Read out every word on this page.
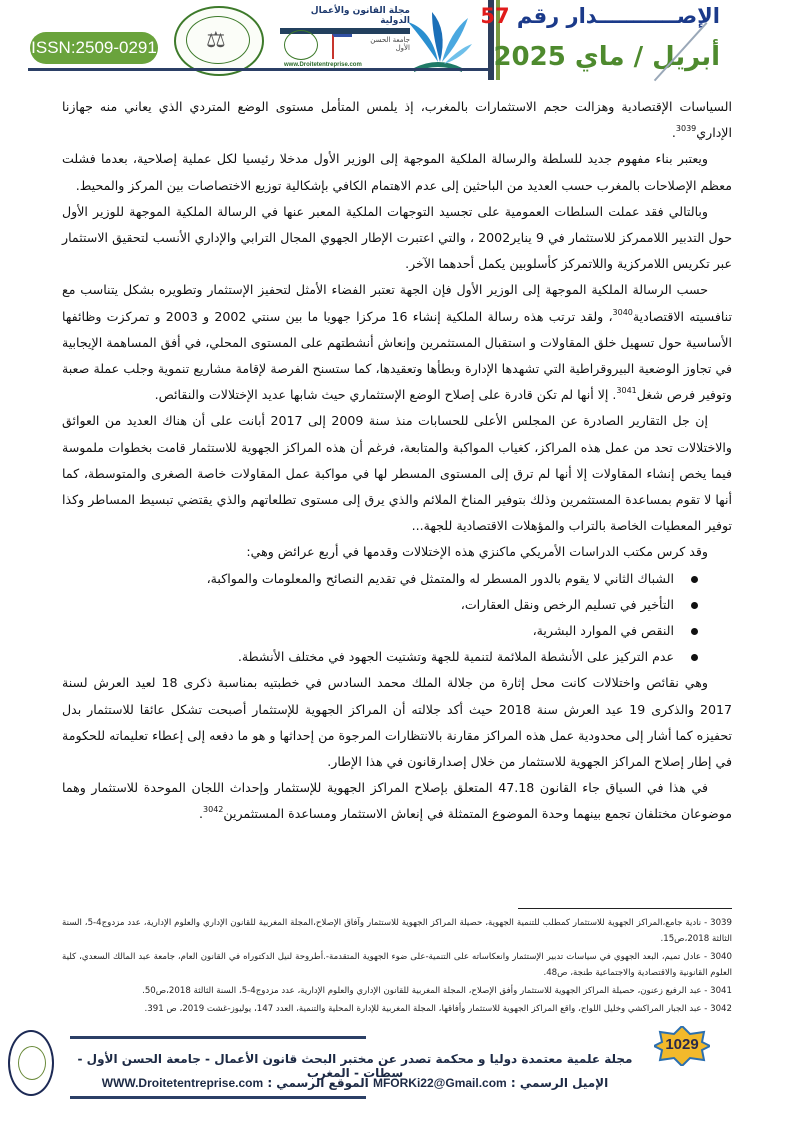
ISSN:2509-0291 ⚖
مجلة القانون والأعمال الدولية
جامعة الحسن الأول
www.Droitetentreprise.com
الإصـــــــــــدار رقم 57
أبريل / ماي 2025

السياسات الإقتصادية وهزالت حجم الاستثمارات بالمغرب، إذ يلمس المتأمل مستوى الوضع المتردي الذي يعاني منه جهازنا الإداري$^{3039}$.

ويعتبر بناء مفهوم جديد للسلطة والرسالة الملكية الموجهة إلى الوزير الأول مدخلا رئيسيا لكل عملية إصلاحية، بعدما فشلت معظم الإصلاحات بالمغرب حسب العديد من الباحثين إلى عدم الاهتمام الكافي بإشكالية توزيع الاختصاصات بين المركز والمحيط.

وبالتالي فقد عملت السلطات العمومية على تجسيد التوجهات الملكية المعبر عنها في الرسالة الملكية الموجهة للوزير الأول حول التدبير اللاممركز للاستثمار في 9 يناير2002 ، والتي اعتبرت الإطار الجهوي المجال الترابي والإداري الأنسب لتحقيق الاستثمار عبر تكريس اللامركزية واللاتمركز كأسلوبين يكمل أحدهما الآخر.

حسب الرسالة الملكية الموجهة إلى الوزير الأول فإن الجهة تعتبر الفضاء الأمثل لتحفيز الإستثمار وتطويره بشكل يتناسب مع تنافسيته الاقتصادية$^{3040}$، ولقد ترتب هذه رسالة الملكية إنشاء 16 مركزا جهويا ما بين سنتي 2002 و 2003 و تمركزت وظائفها الأساسية حول تسهيل خلق المقاولات و استقبال المستثمرين وإنعاش أنشطتهم على المستوى المحلي، في أفق المساهمة الإيجابية في تجاوز الوضعية البيروقراطية التي تشهدها الإدارة وبطأها وتعقيدها، كما ستسنح الفرصة لإقامة مشاريع تنموية وجلب عملة صعبة وتوفير فرص شغل$^{3041}$. إلا أنها لم تكن قادرة على إصلاح الوضع الإستثماري حيث شابها عديد الإختلالات والنقائص.

إن جل التقارير الصادرة عن المجلس الأعلى للحسابات منذ سنة 2009 إلى 2017 أبانت على أن هناك العديد من العوائق والاختلالات تحد من عمل هذه المراكز، كغياب المواكبة والمتابعة، فرغم أن هذه المراكز الجهوية للاستثمار قامت بخطوات ملموسة فيما يخص إنشاء المقاولات إلا أنها لم ترق إلى المستوى المسطر لها في مواكبة عمل المقاولات خاصة الصغرى والمتوسطة، كما أنها لا تقوم بمساعدة المستثمرين وذلك بتوفير المناخ الملائم والذي يرق إلى مستوى تطلعاتهم والذي يقتضي تبسيط المساطر وكذا توفير المعطيات الخاصة بالتراب والمؤهلات الاقتصادية للجهة...

وقد كرس مكتب الدراسات الأمريكي ماكنزي هذه الإختلالات وقدمها في أربع عرائض وهي:

الشباك الثاني لا يقوم بالدور المسطر له والمتمثل في تقديم النصائح والمعلومات والمواكبة،
التأخير في تسليم الرخص ونقل العقارات،
النقص في الموارد البشرية،
عدم التركيز على الأنشطة الملائمة لتنمية للجهة وتشتيت الجهود في مختلف الأنشطة.

وهي نقائص واختلالات كانت محل إثارة من جلالة الملك محمد السادس في خطبتيه بمناسبة ذكرى 18 لعيد العرش لسنة 2017 والذكرى 19 عيد العرش سنة 2018 حيث أكد جلالته أن المراكز الجهوية للإستثمار أصبحت تشكل عائقا للاستثمار بدل تحفيزه كما أشار إلى محدودية عمل هذه المراكز مقارنة بالانتظارات المرجوة من إحداثها و هو ما دفعه إلى إعطاء تعليماته للحكومة في إطار إصلاح المراكز الجهوية للاستثمار من خلال إصدارقانون في هذا الإطار.

في هذا في السياق جاء القانون 47.18 المتعلق بإصلاح المراكز الجهوية للإستثمار وإحداث اللجان الموحدة للاستثمار وهما موضوعان مختلفان تجمع بينهما وحدة الموضوع المتمثلة في إنعاش الاستثمار ومساعدة المستثمرين$^{3042}$.

3039 - نادية جامع،المراكز الجهوية للاستثمار كمطلب للتنمية الجهوية، حصيلة المراكز الجهوية للاستثمار وآفاق الإصلاح،المجلة المغربية للقانون الإداري والعلوم الإدارية، عدد مزدوج4-5، السنة الثالثة 2018،ص15.

3040 - عادل تميم، البعد الجهوي في سياسات تدبير الإستثمار وانعكاساته على التنمية-على ضوء الجهوية المتقدمة-.أطروحة لنيل الدكتوراه في القانون العام، جامعة عبد المالك السعدي، كلية العلوم القانونية والاقتصادية والاجتماعية طنجة، ص48.

3041 - عبد الرفيع زعنون، حصيلة المراكز الجهوية للاستثمار وأفق الإصلاح، المجلة المغربية للقانون الإداري والعلوم الإدارية، عدد مزدوج4-5، السنة الثالثة 2018،ص50.

3042 - عبد الجبار المراكشي وخليل اللواح، واقع المراكز الجهوية للاستثمار وأفاقها، المجلة المغربية للإدارة المحلية والتنمية، العدد 147، يوليوز-غشت 2019، ص 391.

مجلة علمية معتمدة دوليا و محكمة تصدر عن مختبر البحث قانون الأعمال - جامعة الحسن الأول - سطات - المغرب
الإميل الرسمي : MFORKi22@Gmail.com الموقع الرسمي : WWW.Droitetentreprise.com
1029
